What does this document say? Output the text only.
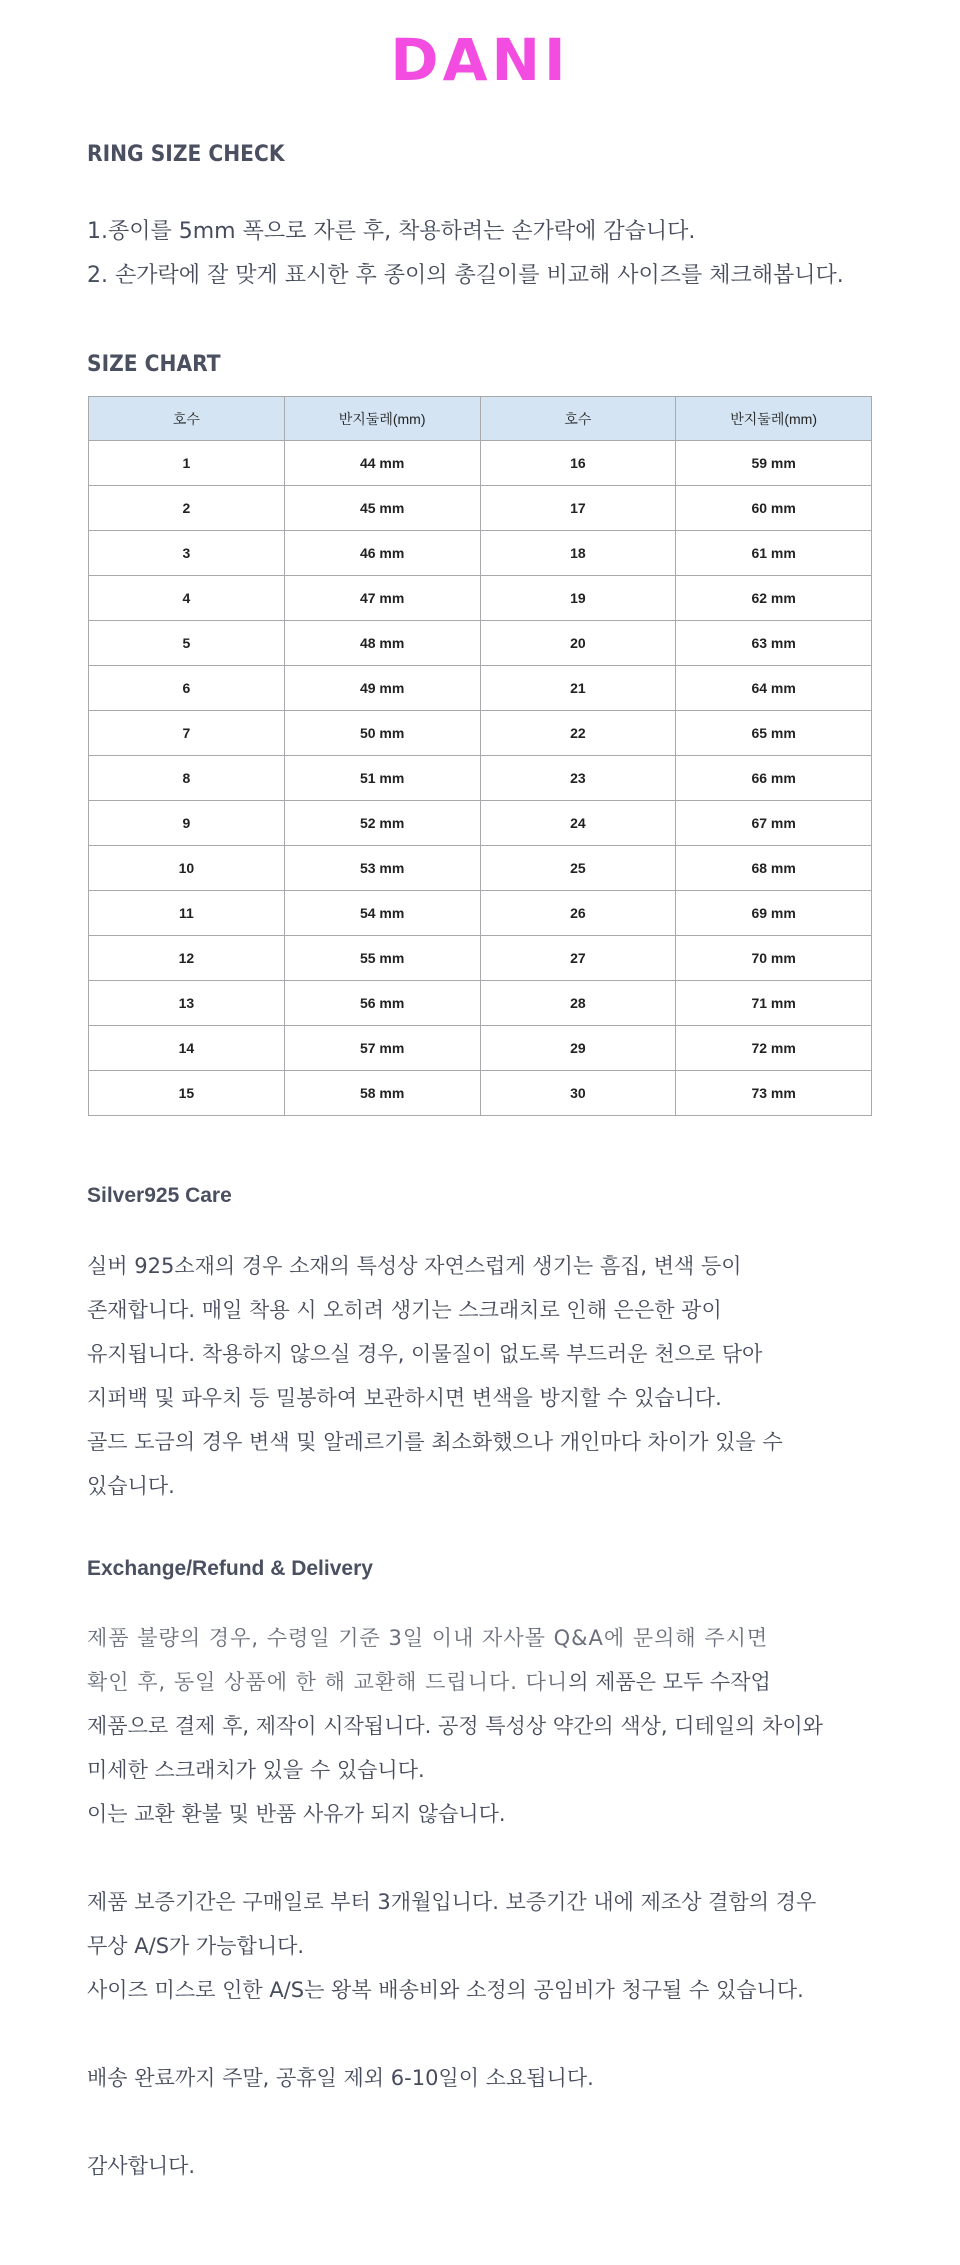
DANI
RING SIZE CHECK

1.종이를 5mm 폭으로 자른 후, 착용하려는 손가락에 감습니다.

2. 손가락에 잘 맞게 표시한 후 종이의 총길이를 비교해 사이즈를 체크해봅니다.

SIZE CHART
호수	반지둘레(mm)	호수	반지둘레(mm)
1	44 mm	16	59 mm
2	45 mm	17	60 mm
3	46 mm	18	61 mm
4	47 mm	19	62 mm
5	48 mm	20	63 mm
6	49 mm	21	64 mm
7	50 mm	22	65 mm
8	51 mm	23	66 mm
9	52 mm	24	67 mm
10	53 mm	25	68 mm
11	54 mm	26	69 mm
12	55 mm	27	70 mm
13	56 mm	28	71 mm
14	57 mm	29	72 mm
15	58 mm	30	73 mm
Silver925 Care

실버 925소재의 경우 소재의 특성상 자연스럽게 생기는 흠집, 변색 등이

존재합니다. 매일 착용 시 오히려 생기는 스크래치로 인해 은은한 광이

유지됩니다. 착용하지 않으실 경우, 이물질이 없도록 부드러운 천으로 닦아

지퍼백 및 파우치 등 밀봉하여 보관하시면 변색을 방지할 수 있습니다.

골드 도금의 경우 변색 및 알레르기를 최소화했으나 개인마다 차이가 있을 수

있습니다.

Exchange/Refund & Delivery

제품 불량의 경우, 수령일 기준 3일 이내 자사몰 Q&A에 문의해 주시면

확인 후, 동일 상품에 한 해 교환해 드립니다. 다니의 제품은 모두 수작업

제품으로 결제 후, 제작이 시작됩니다. 공정 특성상 약간의 색상, 디테일의 차이와

미세한 스크래치가 있을 수 있습니다.

이는 교환 환불 및 반품 사유가 되지 않습니다.

제품 보증기간은 구매일로 부터 3개월입니다. 보증기간 내에 제조상 결함의 경우

무상 A/S가 가능합니다.

사이즈 미스로 인한 A/S는 왕복 배송비와 소정의 공임비가 청구될 수 있습니다.

배송 완료까지 주말, 공휴일 제외 6-10일이 소요됩니다.
감사합니다.
